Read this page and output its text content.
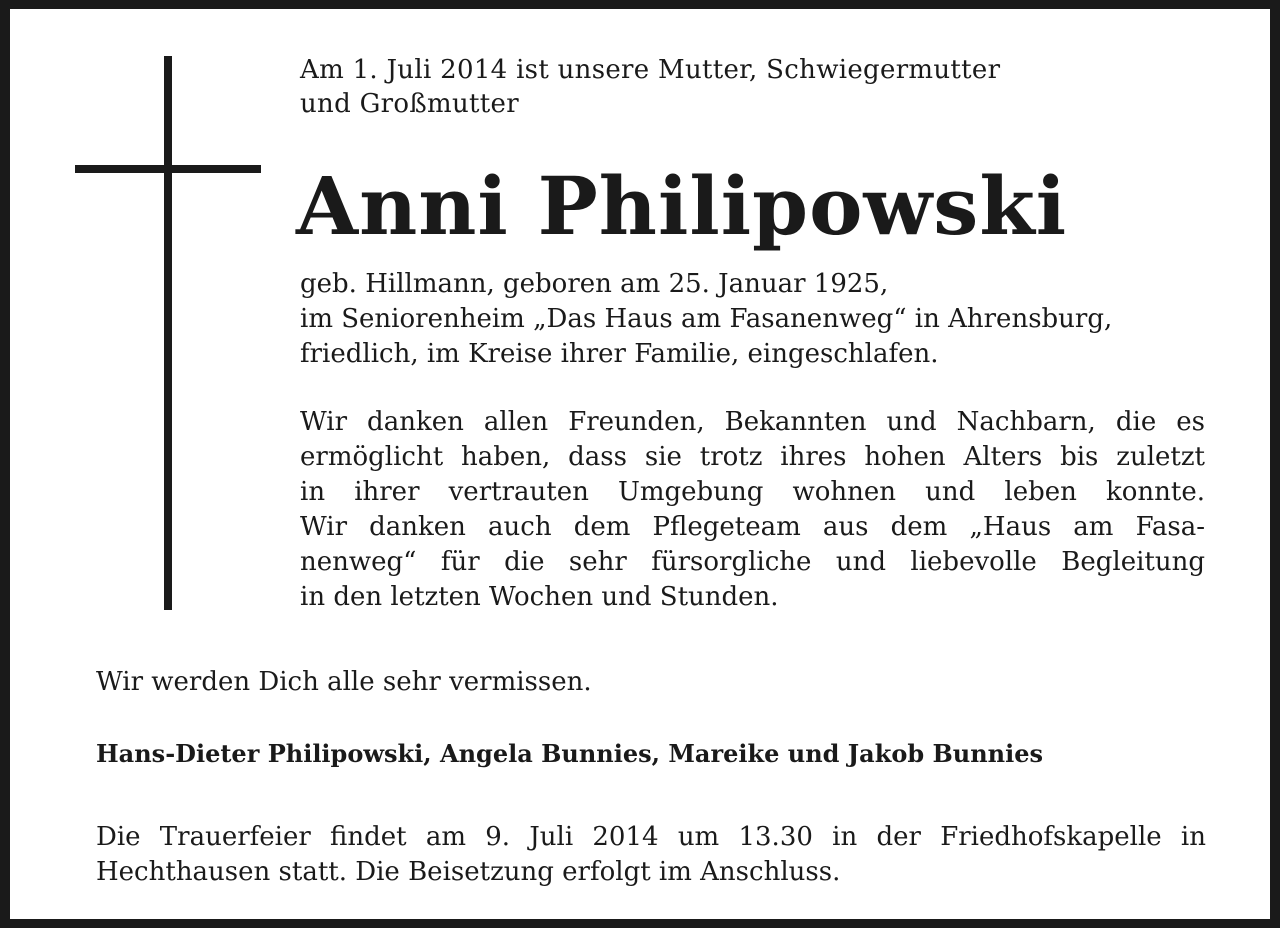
Am 1. Juli 2014 ist unsere Mutter, Schwiegermutter
und Großmutter
Anni Philipowski
geb. Hillmann, geboren am 25. Januar 1925,
im Seniorenheim „Das Haus am Fasanenweg“ in Ahrensburg,
friedlich, im Kreise ihrer Familie, eingeschlafen.
Wir danken allen Freunden, Bekannten und Nachbarn, die es
ermöglicht haben, dass sie trotz ihres hohen Alters bis zuletzt
in ihrer vertrauten Umgebung wohnen und leben konnte.
Wir danken auch dem Pflegeteam aus dem „Haus am Fasa-
nenweg“ für die sehr fürsorgliche und liebevolle Begleitung
in den letzten Wochen und Stunden.
Wir werden Dich alle sehr vermissen.
Hans-Dieter Philipowski, Angela Bunnies, Mareike und Jakob Bunnies
Die Trauerfeier findet am 9. Juli 2014 um 13.30 in der Friedhofskapelle in
Hechthausen statt. Die Beisetzung erfolgt im Anschluss.
